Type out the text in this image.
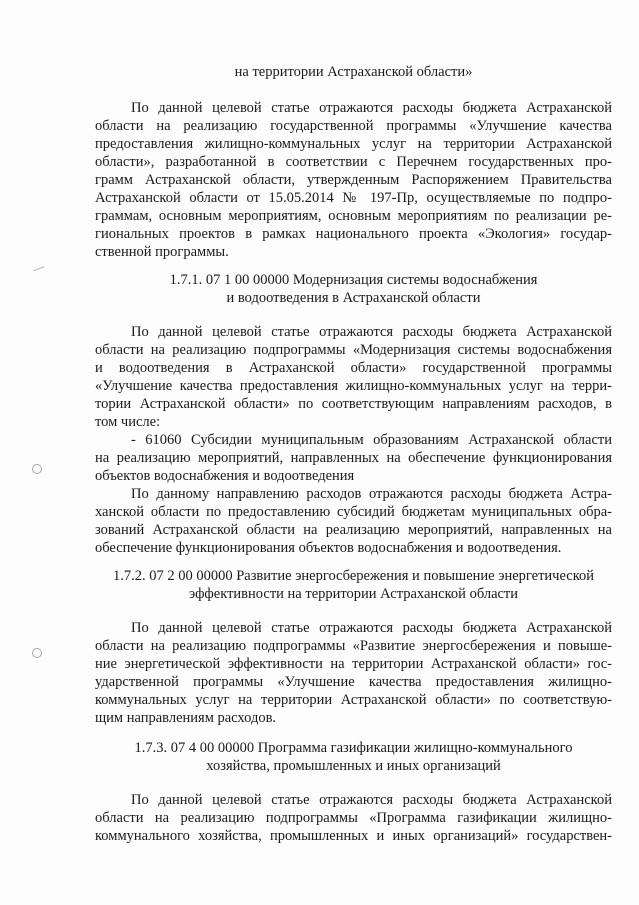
на территории Астраханской области»
По данной целевой статье отражаются расходы бюджета Астраханской
области на реализацию государственной программы «Улучшение качества
предоставления жилищно-коммунальных услуг на территории Астраханской
области», разработанной в соответствии с Перечнем государственных про-
грамм Астраханской области, утвержденным Распоряжением Правительства
Астраханской области от 15.05.2014 № 197-Пр, осуществляемые по подпро-
граммам, основным мероприятиям, основным мероприятиям по реализации ре-
гиональных проектов в рамках национального проекта «Экология» государ-
ственной программы.
1.7.1. 07 1 00 00000 Модернизация системы водоснабжения
и водоотведения в Астраханской области
По данной целевой статье отражаются расходы бюджета Астраханской
области на реализацию подпрограммы «Модернизация системы водоснабжения
и водоотведения в Астраханской области» государственной программы
«Улучшение качества предоставления жилищно-коммунальных услуг на терри-
тории Астраханской области» по соответствующим направлениям расходов, в
том числе:
- 61060 Субсидии муниципальным образованиям Астраханской области
на реализацию мероприятий, направленных на обеспечение функционирования
объектов водоснабжения и водоотведения
По данному направлению расходов отражаются расходы бюджета Астра-
ханской области по предоставлению субсидий бюджетам муниципальных обра-
зований Астраханской области на реализацию мероприятий, направленных на
обеспечение функционирования объектов водоснабжения и водоотведения.
1.7.2. 07 2 00 00000 Развитие энергосбережения и повышение энергетической
эффективности на территории Астраханской области
По данной целевой статье отражаются расходы бюджета Астраханской
области на реализацию подпрограммы «Развитие энергосбережения и повыше-
ние энергетической эффективности на территории Астраханской области» гос-
ударственной программы «Улучшение качества предоставления жилищно-
коммунальных услуг на территории Астраханской области» по соответствую-
щим направлениям расходов.
1.7.3. 07 4 00 00000 Программа газификации жилищно-коммунального
хозяйства, промышленных и иных организаций
По данной целевой статье отражаются расходы бюджета Астраханской
области на реализацию подпрограммы «Программа газификации жилищно-
коммунального хозяйства, промышленных и иных организаций» государствен-
